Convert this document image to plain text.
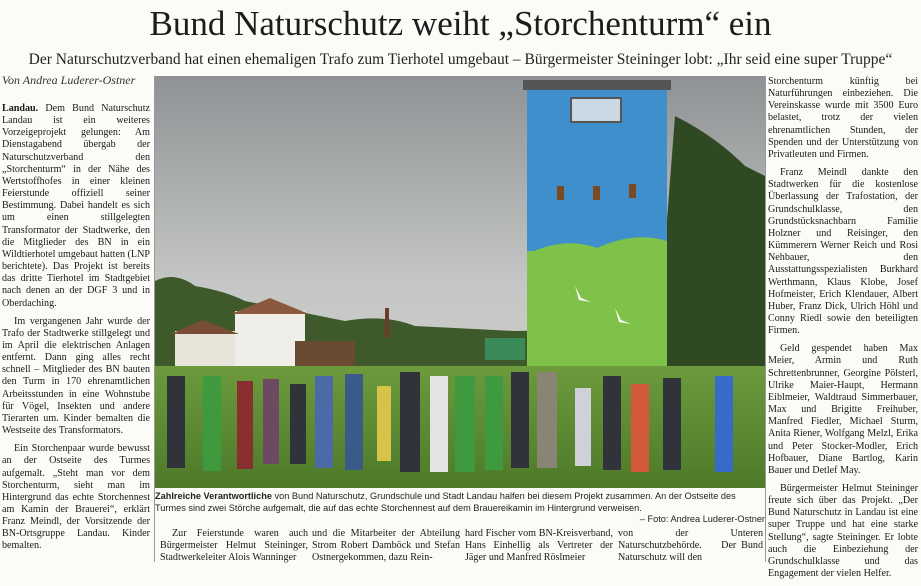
Bund Naturschutz weiht „Storchenturm“ ein
Der Naturschutzverband hat einen ehemaligen Trafo zum Tierhotel umgebaut – Bürgermeister Steininger lobt: „Ihr seid eine super Truppe“
Von Andrea Luderer-Ostner

Landau. Dem Bund Naturschutz Landau ist ein weiteres Vorzeigeprojekt gelungen: Am Dienstagabend übergab der Naturschutzverband den „Storchenturm“ in der Nähe des Wertstoffhofes in einer kleinen Feierstunde offiziell seiner Bestimmung. Dabei handelt es sich um einen stillgelegten Transformator der Stadtwerke, den die Mitglieder des BN in ein Wildtierhotel umgebaut hatten (LNP berichtete). Das Projekt ist bereits das dritte Tierhotel im Stadtgebiet nach denen an der DGF 3 und in Oberdaching.

Im vergangenen Jahr wurde der Trafo der Stadtwerke stillgelegt und im April die elektrischen Anlagen entfernt. Dann ging alles recht schnell – Mitglieder des BN bauten den Turm in 170 ehrenamtlichen Arbeitsstunden in eine Wohnstube für Vögel, Insekten und andere Tierarten um. Kinder bemalten die Westseite des Transformators.

Ein Storchenpaar wurde bewusst an der Ostseite des Turmes aufgemalt. „Steht man vor dem Storchenturm, sieht man im Hintergrund das echte Storchennest am Kamin der Brauerei“, erklärt Franz Meindl, der Vorsitzende der BN-Ortsgruppe Landau. Kinder bemalten.

Zahlreiche Verantwortliche von Bund Naturschutz, Grundschule und Stadt Landau halfen bei diesem Projekt zusammen. An der Ostseite des Turmes sind zwei Störche aufgemalt, die auf das echte Storchennest auf dem Brauereikamin im Hintergrund verweisen.
– Foto: Andrea Luderer-Ostner

Storchenturm künftig bei Naturführungen einbeziehen. Die Vereinskasse wurde mit 3500 Euro belastet, trotz der vielen ehrenamtlichen Stunden, der Spenden und der Unterstützung von Privatleuten und Firmen.

Franz Meindl dankte den Stadtwerken für die kostenlose Überlassung der Trafostation, der Grundschulklasse, den Grundstücksnachbarn Familie Holzner und Reisinger, den Kümmerern Werner Reich und Rosi Nehbauer, den Ausstattungsspezialisten Burkhard Werthmann, Klaus Klobe, Josef Hofmeister, Erich Klendauer, Albert Huber, Franz Dick, Ulrich Höhl und Conny Riedl sowie den beteiligten Firmen.

Geld gespendet haben Max Meier, Armin und Ruth Schrettenbrunner, Georgine Pölsterl, Ulrike Maier-Haupt, Hermann Eiblmeier, Waldtraud Simmerbauer, Max und Brigitte Freihuber, Manfred Fiedler, Michael Sturm, Anita Riener, Wolfgang Melzl, Erika und Peter Stocker-Modler, Erich Hofbauer, Diane Bartlog, Karin Bauer und Detlef May.

Bürgermeister Helmut Steininger freute sich über das Projekt. „Der Bund Naturschutz in Landau ist eine super Truppe und hat eine starke Stellung“, sagte Steininger. Er lobte auch die Einbeziehung der Grundschulklasse und das Engagement der vielen Helfer.

Zur Feierstunde waren auch Bürgermeister Helmut Steininger, Stadtwerkeleiter Alois Wanninger

und die Mitarbeiter der Abteilung Strom Robert Damböck und Stefan Ostnergekommen, dazu Rein-

hard Fischer vom BN-Kreisverband, Hans Einhellig als Vertreter der Jäger und Manfred Röslmeier

von der Unteren Naturschutzbehörde.    Der Bund Naturschutz will den
